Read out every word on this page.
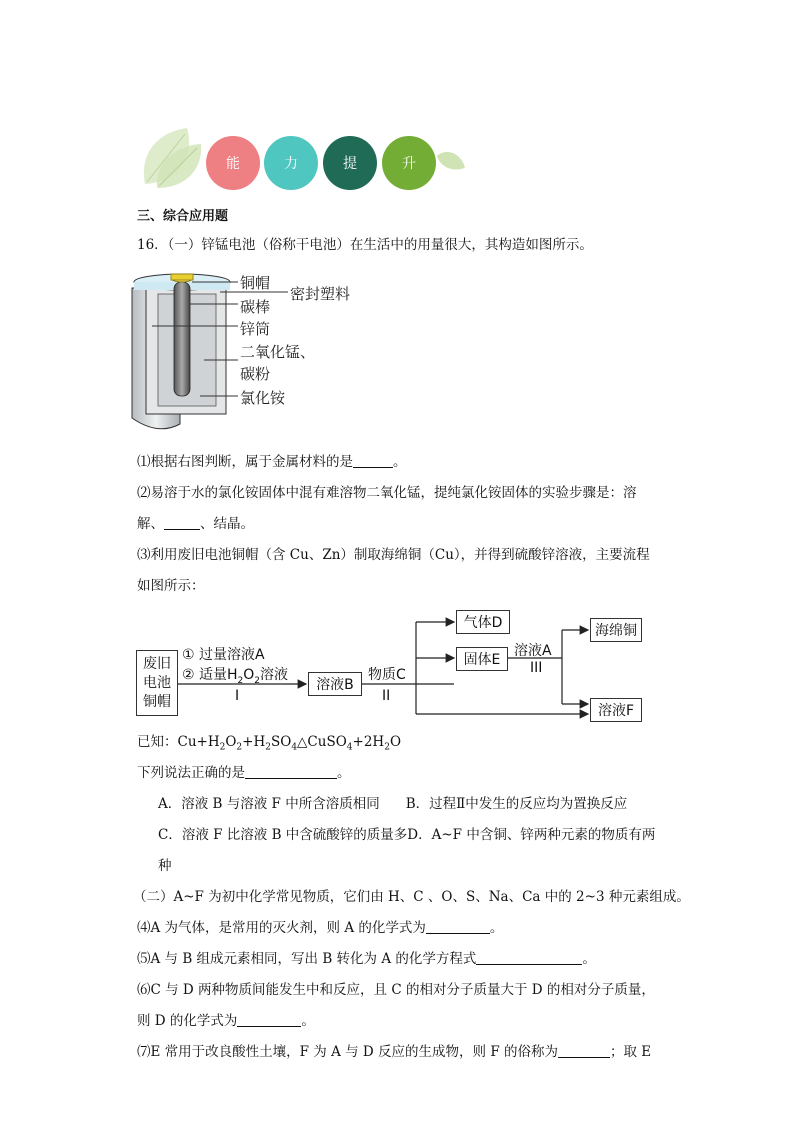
能	力	提	升
三、综合应用题
16．（一）锌锰电池（俗称干电池）在生活中的用量很大，其构造如图所示。
铜帽
密封塑料
碳棒
锌筒
二氧化锰、
碳粉
氯化铵
⑴根据右图判断，属于金属材料的是	。
⑵易溶于水的氯化铵固体中混有难溶物二氧化锰，提纯氯化铵固体的实验步骤是：溶
解、	、结晶。
⑶利用废旧电池铜帽（含 Cu、Zn）制取海绵铜（Cu），并得到硫酸锌溶液，主要流程
如图所示：
废旧
电池
铜帽
① 过量溶液A
② 适量$H_2O_2$溶液
I
溶液B
物质C
II
气体D
固体E
溶液A
III
海绵铜
溶液F
已知：$Cu+H_2O_2+H_2SO_4\triangle CuSO_4+2H_2O$
下列说法正确的是	。
A．溶液 B 与溶液 F 中所含溶质相同 B．过程Ⅱ中发生的反应均为置换反应
C．溶液 F 比溶液 B 中含硫酸锌的质量多D．A~F 中含铜、锌两种元素的物质有两
种
（二）A~F 为初中化学常见物质，它们由 H、C 、O、S、Na、Ca 中的 2~3 种元素组成。
⑷A 为气体，是常用的灭火剂，则 A 的化学式为	。
⑸A 与 B 组成元素相同，写出 B 转化为 A 的化学方程式	。
⑹C 与 D 两种物质间能发生中和反应，且 C 的相对分子质量大于 D 的相对分子质量，
则 D 的化学式为	。
⑺E 常用于改良酸性土壤，F 为 A 与 D 反应的生成物，则 F 的俗称为	；取 E
